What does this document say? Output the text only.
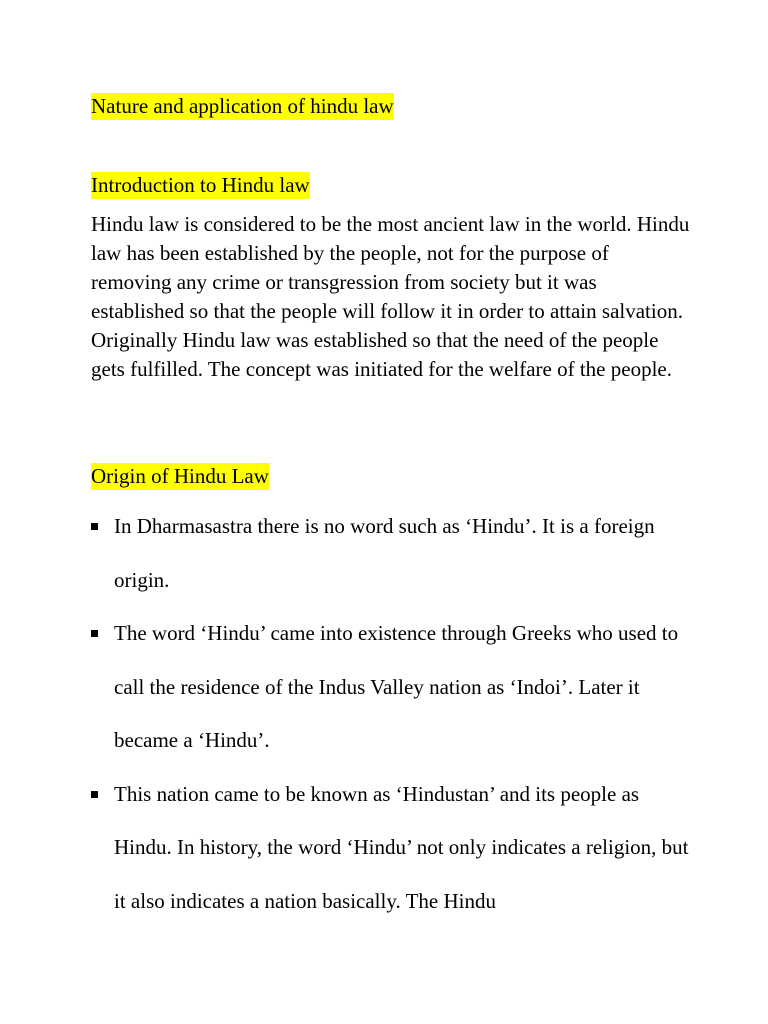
Nature and application of hindu law
Introduction to Hindu law

Hindu law is considered to be the most ancient law in the world. Hindu law has been established by the people, not for the purpose of removing any crime or transgression from society but it was established so that the people will follow it in order to attain salvation. Originally Hindu law was established so that the need of the people gets fulfilled. The concept was initiated for the welfare of the people.

Origin of Hindu Law
In Dharmasastra there is no word such as ‘Hindu’. It is a foreign origin.
The word ‘Hindu’ came into existence through Greeks who used to call the residence of the Indus Valley nation as ‘Indoi’. Later it became a ‘Hindu’.
This nation came to be known as ‘Hindustan’ and its people as Hindu. In history, the word ‘Hindu’ not only indicates a religion, but it also indicates a nation basically. The Hindu
